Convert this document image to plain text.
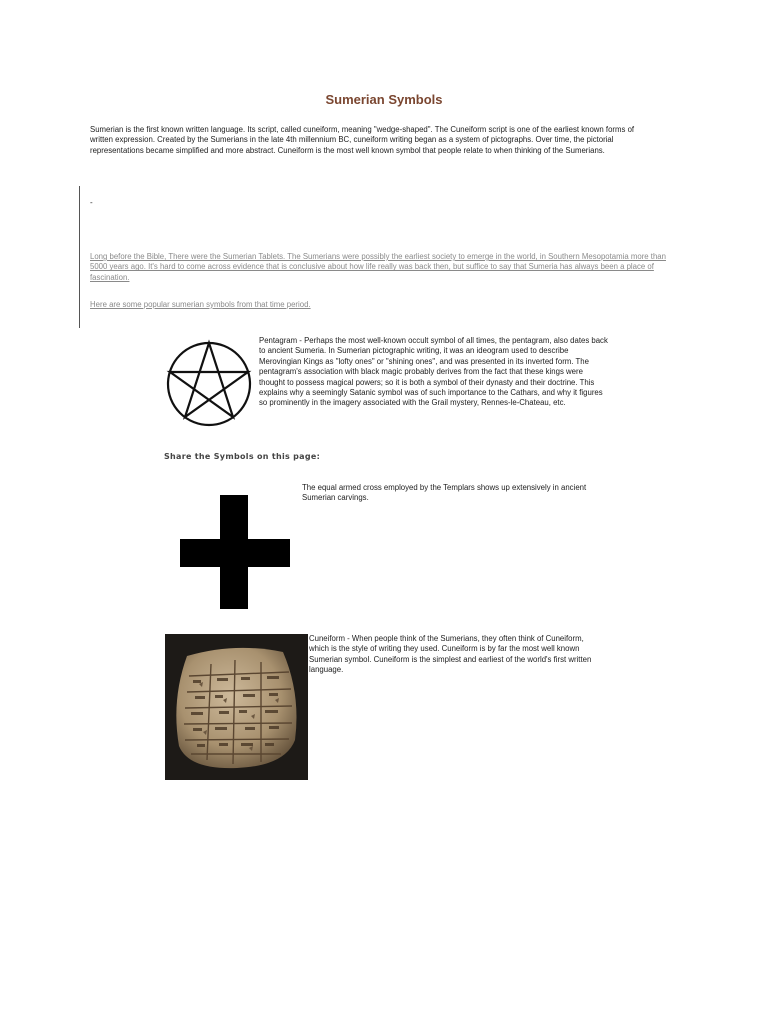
Sumerian Symbols
Sumerian is the first known written language. Its script, called cuneiform, meaning "wedge-shaped". The Cuneiform script is one of the earliest known forms of written expression. Created by the Sumerians in the late 4th millennium BC, cuneiform writing began as a system of pictographs. Over time, the pictorial representations became simplified and more abstract. Cuneiform is the most well known symbol that people relate to when thinking of the Sumerians.
-
Long before the Bible, There were the Sumerian Tablets. The Sumerians were possibly the earliest society to emerge in the world, in Southern Mesopotamia more than 5000 years ago. It's hard to come across evidence that is conclusive about how life really was back then, but suffice to say that Sumeria has always been a place of fascination.
Here are some popular sumerian symbols from that time period.
Pentagram - Perhaps the most well-known occult symbol of all times, the pentagram, also dates back to ancient Sumeria. In Sumerian pictographic writing, it was an ideogram used to describe Merovingian Kings as "lofty ones" or "shining ones", and was presented in its inverted form. The pentagram's association with black magic probably derives from the fact that these kings were thought to possess magical powers; so it is both a symbol of their dynasty and their doctrine. This explains why a seemingly Satanic symbol was of such importance to the Cathars, and why it figures so prominently in the imagery associated with the Grail mystery, Rennes-le-Chateau, etc.
Share the Symbols on this page:
The equal armed cross employed by the Templars shows up extensively in ancient Sumerian carvings.
Cuneiform - When people think of the Sumerians, they often think of Cuneiform, which is the style of writing they used. Cuneiform is by far the most well known Sumerian symbol. Cuneiform is the simplest and earliest of the world's first written language.
